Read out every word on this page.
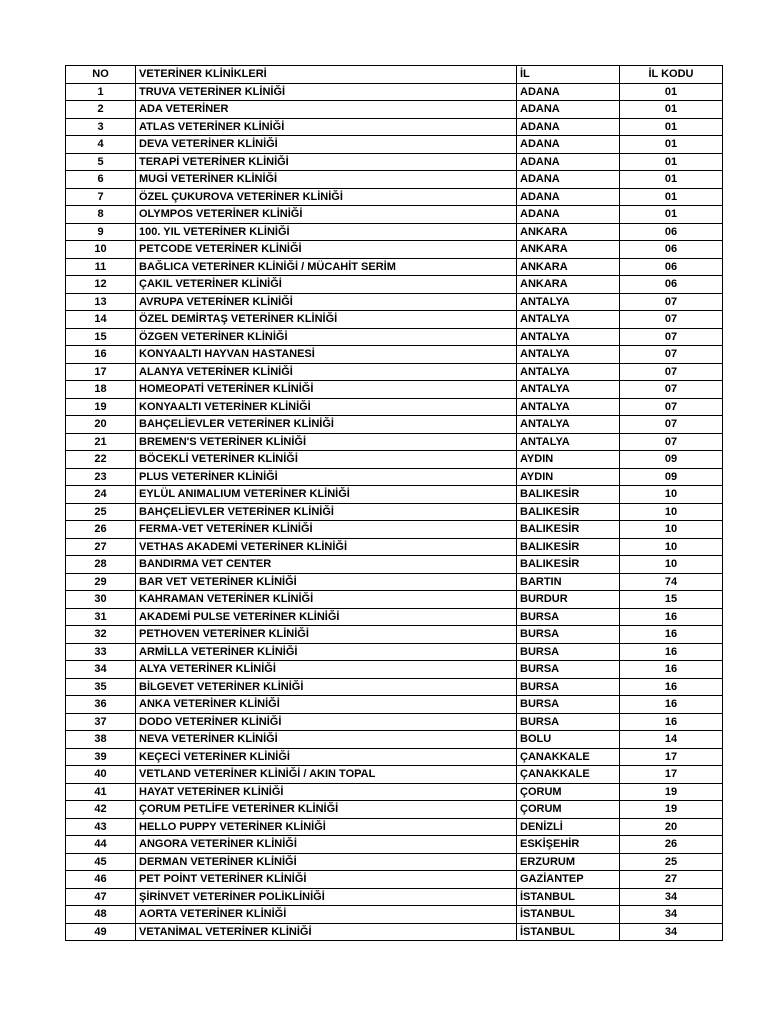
NO	VETERİNER KLİNİKLERİ	İL	İL KODU
1	TRUVA VETERİNER KLİNİĞİ	ADANA	01
2	ADA VETERİNER	ADANA	01
3	ATLAS VETERİNER KLİNİĞİ	ADANA	01
4	DEVA VETERİNER KLİNİĞİ	ADANA	01
5	TERAPİ VETERİNER KLİNİĞİ	ADANA	01
6	MUGİ VETERİNER KLİNİĞİ	ADANA	01
7	ÖZEL ÇUKUROVA VETERİNER KLİNİĞİ	ADANA	01
8	OLYMPOS VETERİNER KLİNİĞİ	ADANA	01
9	100. YIL VETERİNER KLİNİĞİ	ANKARA	06
10	PETCODE VETERİNER KLİNİĞİ	ANKARA	06
11	BAĞLICA VETERİNER KLİNİĞİ / MÜCAHİT SERİM	ANKARA	06
12	ÇAKIL VETERİNER KLİNİĞİ	ANKARA	06
13	AVRUPA VETERİNER KLİNİĞİ	ANTALYA	07
14	ÖZEL DEMİRTAŞ VETERİNER KLİNİĞİ	ANTALYA	07
15	ÖZGEN VETERİNER KLİNİĞİ	ANTALYA	07
16	KONYAALTI HAYVAN HASTANESİ	ANTALYA	07
17	ALANYA VETERİNER KLİNİĞİ	ANTALYA	07
18	HOMEOPATİ VETERİNER KLİNİĞİ	ANTALYA	07
19	KONYAALTI VETERİNER KLİNİĞİ	ANTALYA	07
20	BAHÇELİEVLER VETERİNER KLİNİĞİ	ANTALYA	07
21	BREMEN'S VETERİNER KLİNİĞİ	ANTALYA	07
22	BÖCEKLİ VETERİNER KLİNİĞİ	AYDIN	09
23	PLUS VETERİNER KLİNİĞİ	AYDIN	09
24	EYLÜL ANIMALIUM VETERİNER KLİNİĞİ	BALIKESİR	10
25	BAHÇELİEVLER VETERİNER KLİNİĞİ	BALIKESİR	10
26	FERMA-VET VETERİNER KLİNİĞİ	BALIKESİR	10
27	VETHAS AKADEMİ VETERİNER KLİNİĞİ	BALIKESİR	10
28	BANDIRMA VET CENTER	BALIKESİR	10
29	BAR VET VETERİNER KLİNİĞİ	BARTIN	74
30	KAHRAMAN VETERİNER KLİNİĞİ	BURDUR	15
31	AKADEMİ PULSE VETERİNER KLİNİĞİ	BURSA	16
32	PETHOVEN VETERİNER KLİNİĞİ	BURSA	16
33	ARMİLLA VETERİNER KLİNİĞİ	BURSA	16
34	ALYA VETERİNER KLİNİĞİ	BURSA	16
35	BİLGEVET VETERİNER KLİNİĞİ	BURSA	16
36	ANKA VETERİNER KLİNİĞİ	BURSA	16
37	DODO VETERİNER KLİNİĞİ	BURSA	16
38	NEVA VETERİNER KLİNİĞİ	BOLU	14
39	KEÇECİ VETERİNER KLİNİĞİ	ÇANAKKALE	17
40	VETLAND VETERİNER KLİNİĞİ / AKIN TOPAL	ÇANAKKALE	17
41	HAYAT VETERİNER KLİNİĞİ	ÇORUM	19
42	ÇORUM PETLİFE VETERİNER KLİNİĞİ	ÇORUM	19
43	HELLO PUPPY VETERİNER KLİNİĞİ	DENİZLİ	20
44	ANGORA VETERİNER KLİNİĞİ	ESKİŞEHİR	26
45	DERMAN VETERİNER KLİNİĞİ	ERZURUM	25
46	PET POİNT VETERİNER KLİNİĞİ	GAZİANTEP	27
47	ŞİRİNVET VETERİNER POLİKLİNİĞİ	İSTANBUL	34
48	AORTA VETERİNER KLİNİĞİ	İSTANBUL	34
49	VETANİMAL VETERİNER KLİNİĞİ	İSTANBUL	34
